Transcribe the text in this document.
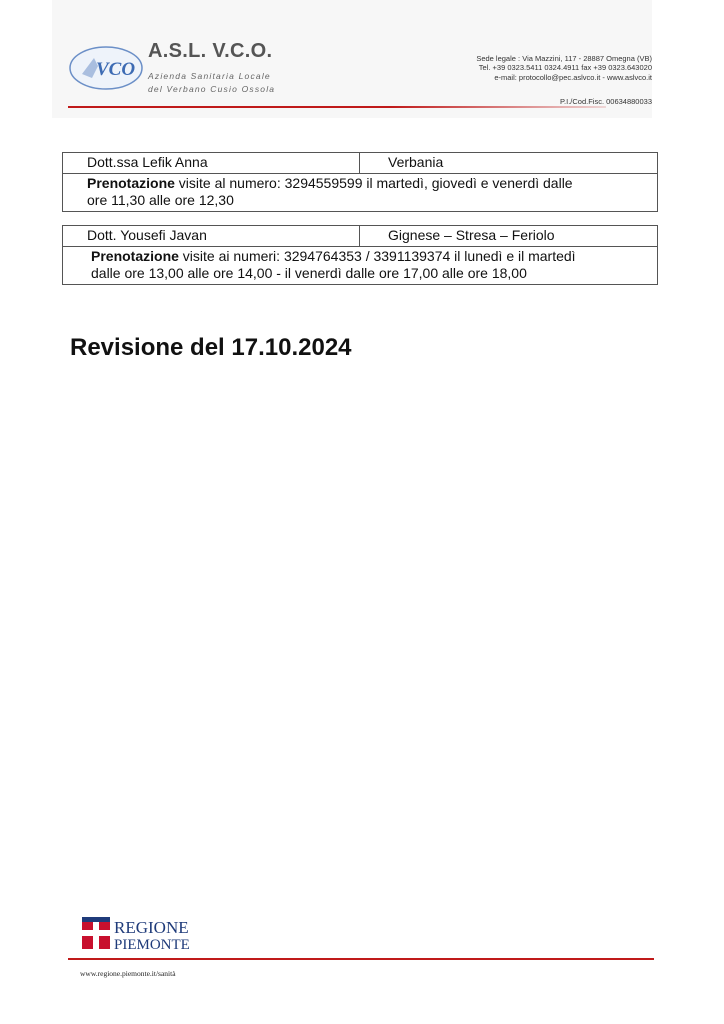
VCO
A.S.L. V.C.O.
Azienda Sanitaria Locale
del Verbano Cusio Ossola
Sede legale : Via Mazzini, 117 - 28887 Omegna (VB)
Tel. +39 0323.5411 0324.4911 fax +39 0323.643020
e-mail: protocollo@pec.aslvco.it - www.aslvco.it
P.I./Cod.Fisc. 00634880033
Dott.ssa Lefik Anna	Verbania
Prenotazione visite al numero: 3294559599 il martedì, giovedì e venerdì dalle
ore 11,30 alle ore 12,30
Dott. Yousefi Javan	Gignese – Stresa – Feriolo
Prenotazione visite ai numeri: 3294764353 / 3391139374 il lunedì e il martedì
dalle ore 13,00 alle ore 14,00 - il venerdì dalle ore 17,00 alle ore 18,00
Revisione del 17.10.2024
REGIONE
PIEMONTE
www.regione.piemonte.it/sanità
